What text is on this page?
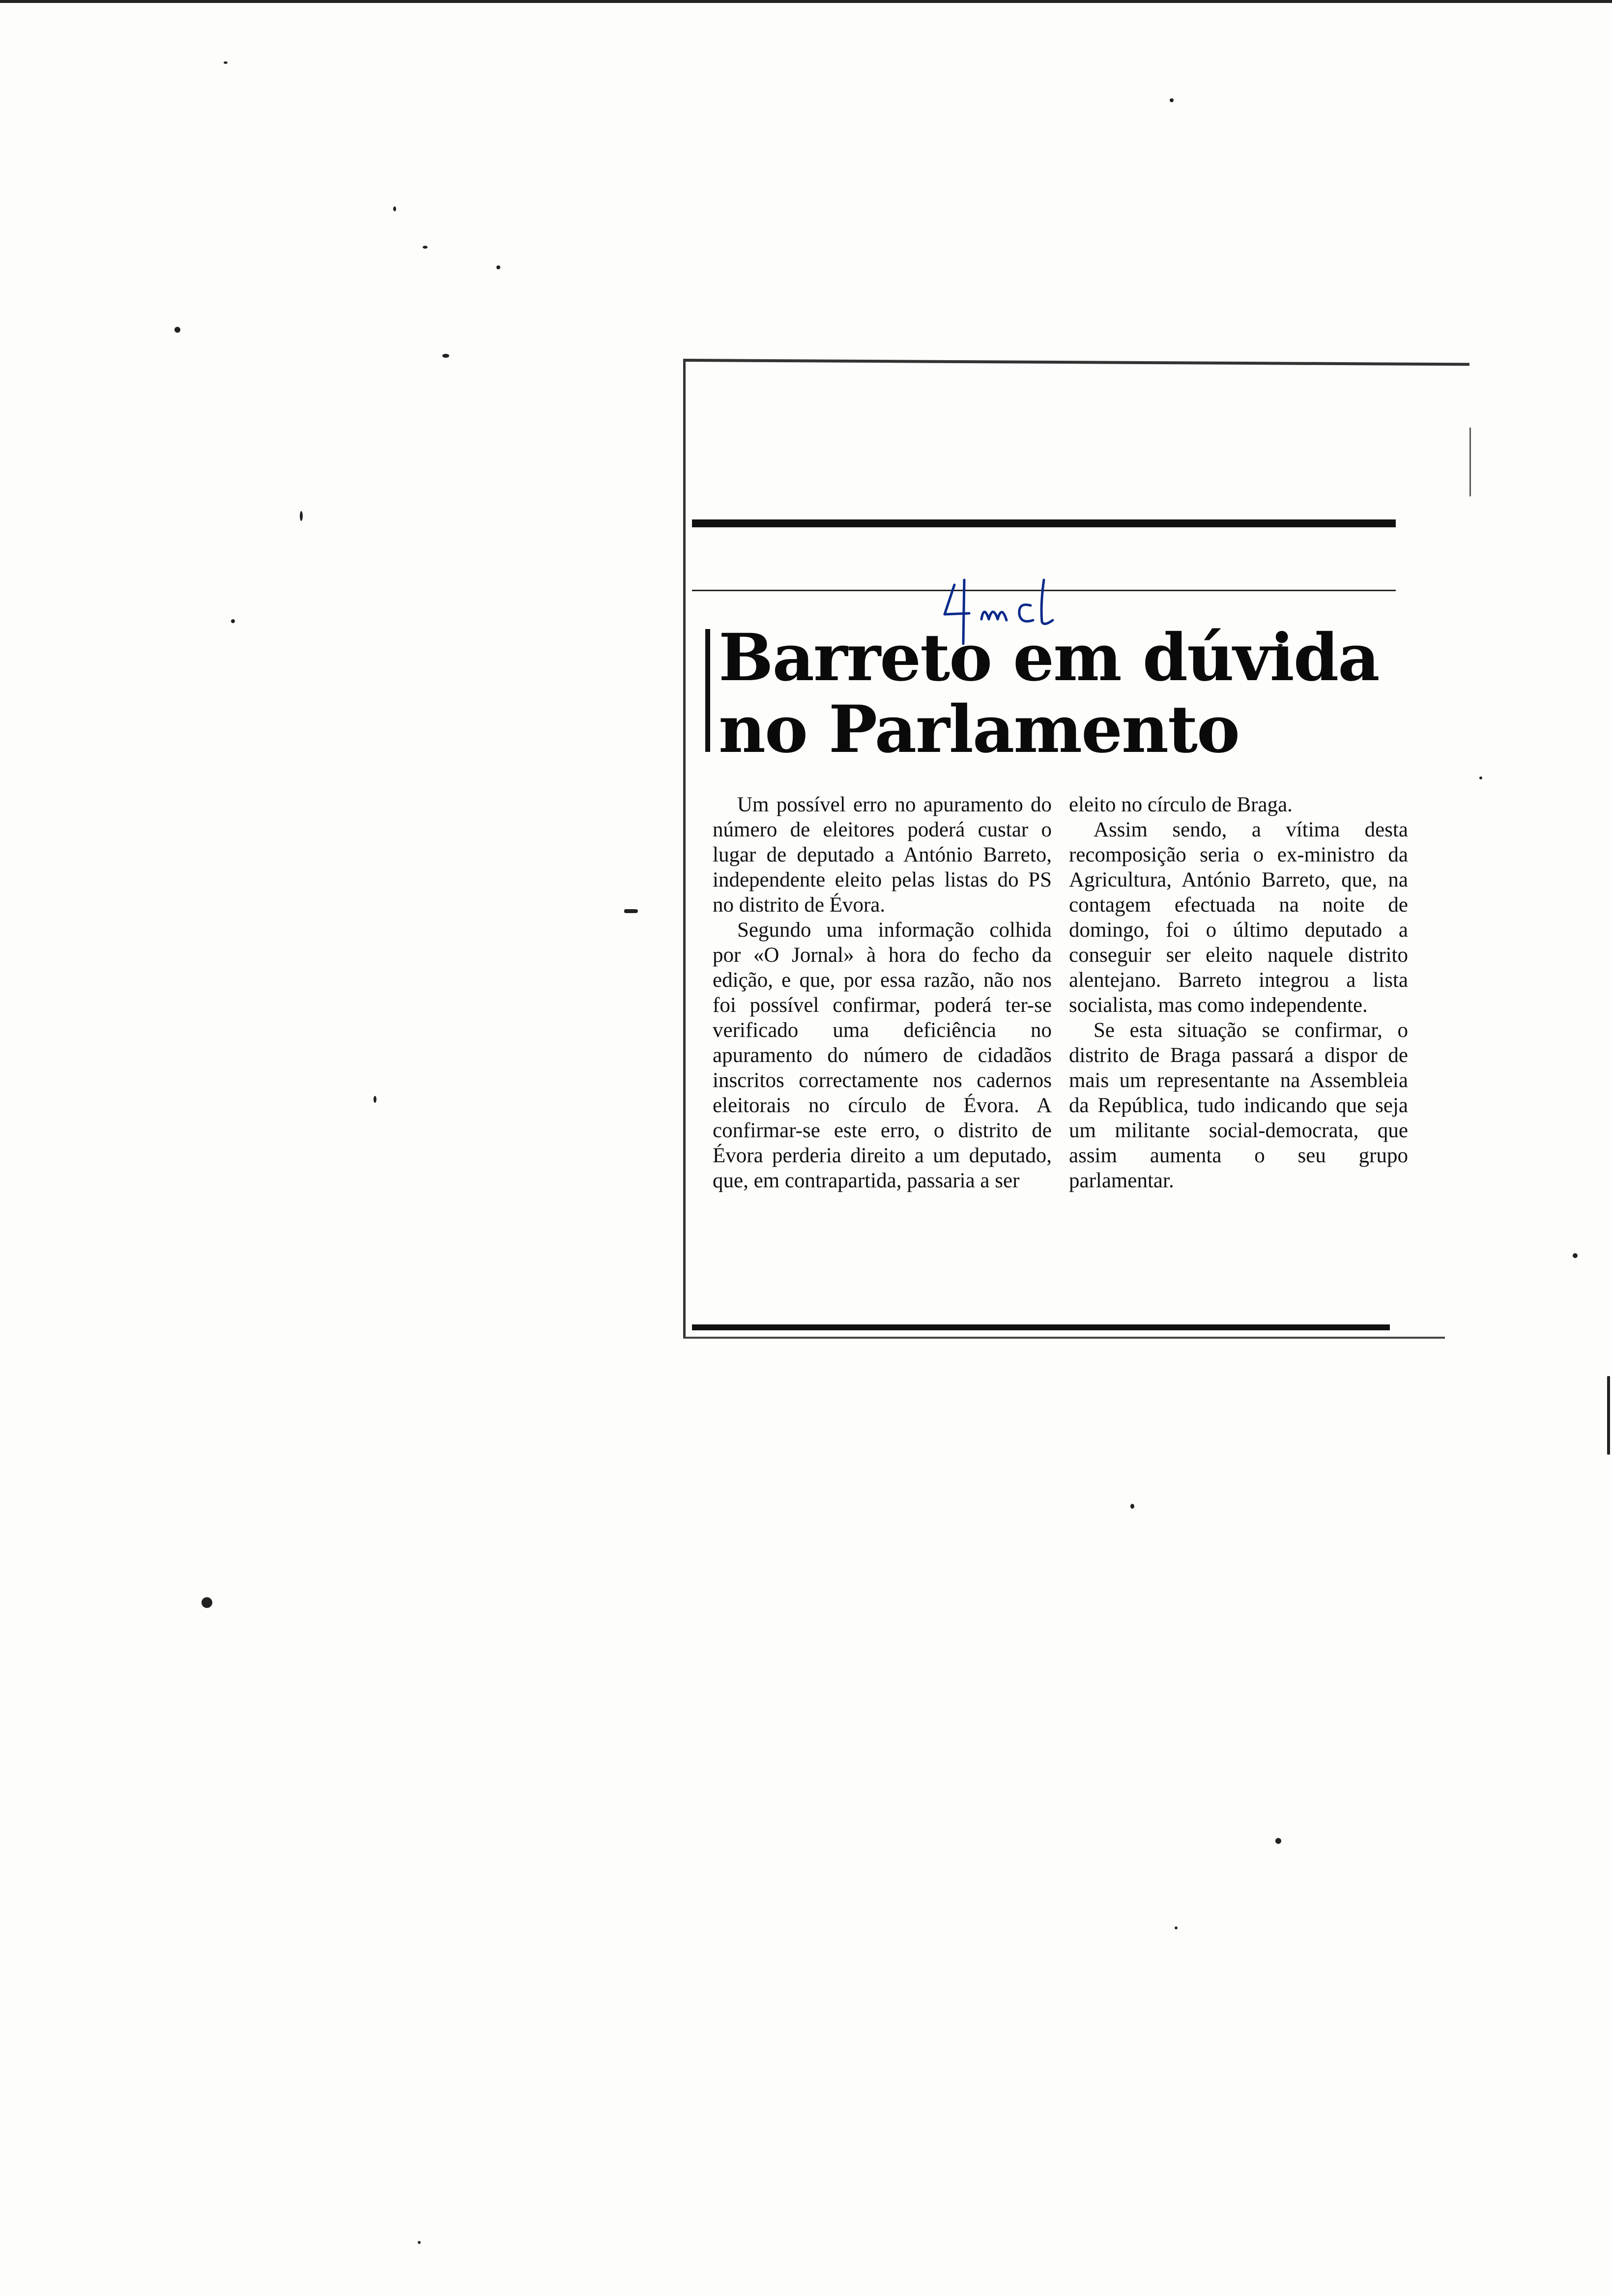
Barreto em dúvida
no Parlamento

Um possível erro no apuramento do número de eleitores poderá custar o lugar de deputado a António Barreto, independente eleito pelas listas do PS no distrito de Évora.

Segundo uma informação colhida por «O Jornal» à hora do fecho da edição, e que, por essa razão, não nos foi possível confirmar, poderá ter-se verificado uma deficiência no apuramento do número de cidadãos inscritos correctamente nos cadernos eleitorais no círculo de Évora. A confirmar-se este erro, o distrito de Évora perderia direito a um deputado, que, em contrapartida, passaria a ser

eleito no círculo de Braga.

Assim sendo, a vítima desta recomposição seria o ex-ministro da Agricultura, António Barreto, que, na contagem efectuada na noite de domingo, foi o último deputado a conseguir ser eleito naquele distrito alentejano. Barreto integrou a lista socialista, mas como independente.

Se esta situação se confirmar, o distrito de Braga passará a dispor de mais um representante na Assembleia da República, tudo indicando que seja um militante social-democrata, que assim aumenta o seu grupo parlamentar.
